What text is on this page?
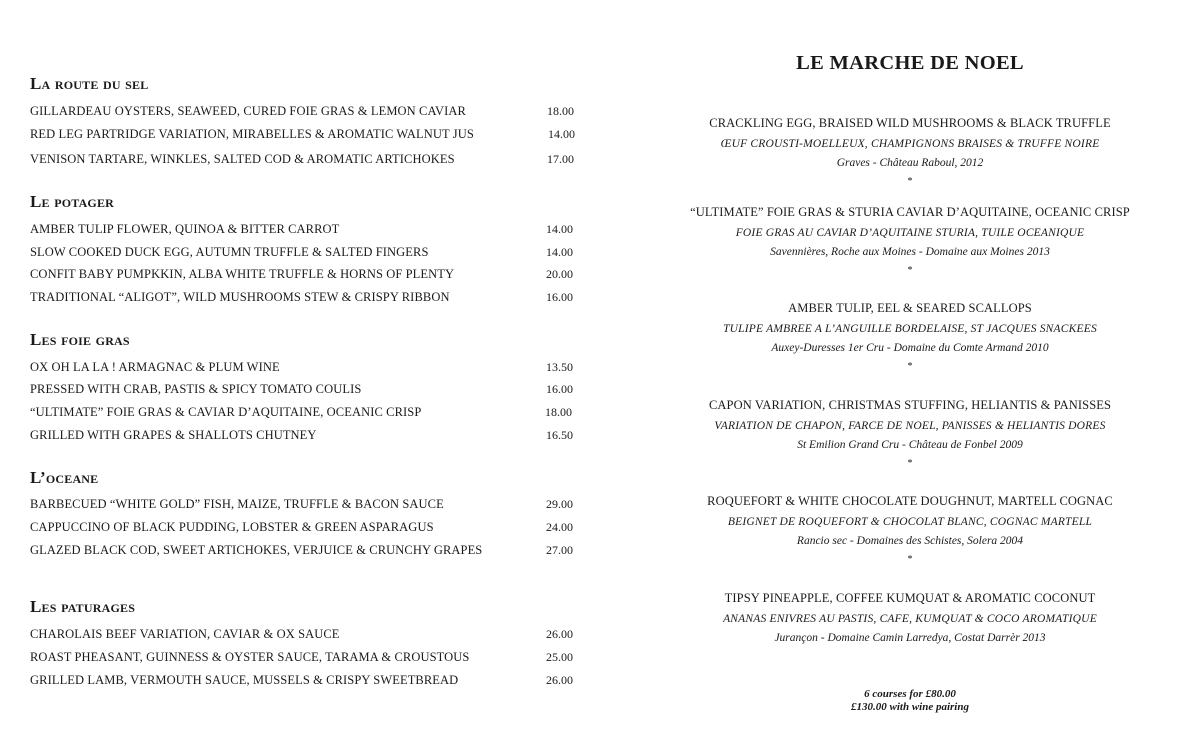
La route du sel
GILLARDEAU OYSTERS, SEAWEED, CURED FOIE GRAS & LEMON CAVIAR	18.00
RED LEG PARTRIDGE VARIATION, MIRABELLES & AROMATIC WALNUT JUS	14.00
VENISON TARTARE, WINKLES, SALTED COD & AROMATIC ARTICHOKES	17.00
Le potager
AMBER TULIP FLOWER, QUINOA & BITTER CARROT	14.00
SLOW COOKED DUCK EGG, AUTUMN TRUFFLE & SALTED FINGERS	14.00
CONFIT BABY PUMPKKIN, ALBA WHITE TRUFFLE & HORNS OF PLENTY	20.00
TRADITIONAL “ALIGOT”, WILD MUSHROOMS STEW & CRISPY RIBBON	16.00
Les foie gras
OX OH LA LA ! ARMAGNAC & PLUM WINE	13.50
PRESSED WITH CRAB, PASTIS & SPICY TOMATO COULIS	16.00
“ULTIMATE” FOIE GRAS & CAVIAR D’AQUITAINE, OCEANIC CRISP	18.00
GRILLED WITH GRAPES & SHALLOTS CHUTNEY	16.50
L’oceane
BARBECUED “WHITE GOLD” FISH, MAIZE, TRUFFLE & BACON SAUCE	29.00
CAPPUCCINO OF BLACK PUDDING, LOBSTER & GREEN ASPARAGUS	24.00
GLAZED BLACK COD, SWEET ARTICHOKES, VERJUICE & CRUNCHY GRAPES	27.00
Les paturages
CHAROLAIS BEEF VARIATION, CAVIAR & OX SAUCE	26.00
ROAST PHEASANT, GUINNESS & OYSTER SAUCE, TARAMA & CROUSTOUS	25.00
GRILLED LAMB, VERMOUTH SAUCE, MUSSELS & CRISPY SWEETBREAD	26.00
LE MARCHE DE NOEL
CRACKLING EGG, BRAISED WILD MUSHROOMS & BLACK TRUFFLE
ŒUF CROUSTI-MOELLEUX, CHAMPIGNONS BRAISES & TRUFFE NOIRE
Graves - Château Raboul, 2012
*
“ULTIMATE” FOIE GRAS & STURIA CAVIAR D’AQUITAINE, OCEANIC CRISP
FOIE GRAS AU CAVIAR D’AQUITAINE STURIA, TUILE OCEANIQUE
Savennières, Roche aux Moines - Domaine aux Moines 2013
*
AMBER TULIP, EEL & SEARED SCALLOPS
TULIPE AMBREE A L’ANGUILLE BORDELAISE, ST JACQUES SNACKEES
Auxey-Duresses 1er Cru - Domaine du Comte Armand 2010
*
CAPON VARIATION, CHRISTMAS STUFFING, HELIANTIS & PANISSES
VARIATION DE CHAPON, FARCE DE NOEL, PANISSES & HELIANTIS DORES
St Emilion Grand Cru - Château de Fonbel 2009
*
ROQUEFORT & WHITE CHOCOLATE DOUGHNUT, MARTELL COGNAC
BEIGNET DE ROQUEFORT & CHOCOLAT BLANC, COGNAC MARTELL
Rancio sec - Domaines des Schistes, Solera 2004
*
TIPSY PINEAPPLE, COFFEE KUMQUAT & AROMATIC COCONUT
ANANAS ENIVRES AU PASTIS, CAFE, KUMQUAT & COCO AROMATIQUE
Jurançon - Domaine Camin Larredya, Costat Darrèr 2013
6 courses for £80.00
£130.00 with wine pairing
